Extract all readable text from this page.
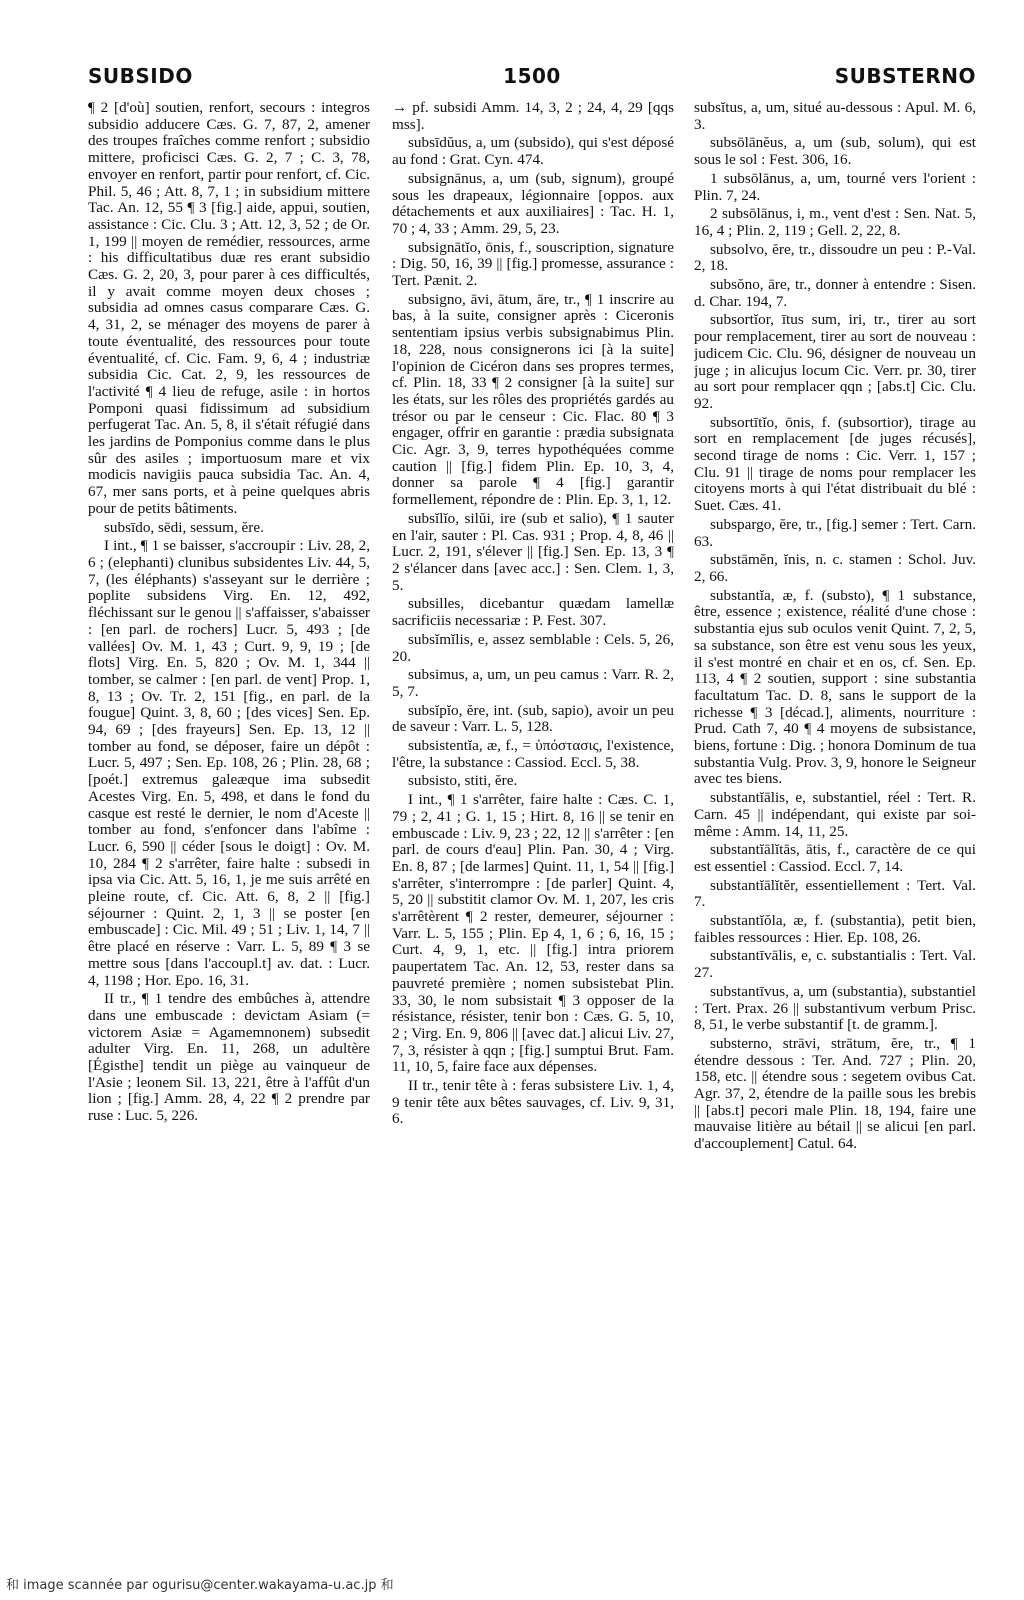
SUBSIDO	1500	SUBSTERNO

¶ 2 [d'où] soutien, renfort, secours : integros subsidio adducere Cæs. G. 7, 87, 2, amener des troupes fraîches comme renfort ; subsidio mittere, proficisci Cæs. G. 2, 7 ; C. 3, 78, envoyer en renfort, partir pour renfort, cf. Cic. Phil. 5, 46 ; Att. 8, 7, 1 ; in subsidium mittere Tac. An. 12, 55 ¶ 3 [fig.] aide, appui, soutien, assistance : Cic. Clu. 3 ; Att. 12, 3, 52 ; de Or. 1, 199 || moyen de remédier, ressources, arme : his difficultatibus duæ res erant subsidio Cæs. G. 2, 20, 3, pour parer à ces difficultés, il y avait comme moyen deux choses ; subsidia ad omnes casus comparare Cæs. G. 4, 31, 2, se ménager des moyens de parer à toute éventualité, des ressources pour toute éventualité, cf. Cic. Fam. 9, 6, 4 ; industriæ subsidia Cic. Cat. 2, 9, les ressources de l'activité ¶ 4 lieu de refuge, asile : in hortos Pomponi quasi fidissimum ad subsidium perfugerat Tac. An. 5, 8, il s'était réfugié dans les jardins de Pomponius comme dans le plus sûr des asiles ; importuosum mare et vix modicis navigiis pauca subsidia Tac. An. 4, 67, mer sans ports, et à peine quelques abris pour de petits bâtiments.

subsīdo, sēdi, sessum, ĕre.

I int., ¶ 1 se baisser, s'accroupir : Liv. 28, 2, 6 ; (elephanti) clunibus subsidentes Liv. 44, 5, 7, (les éléphants) s'asseyant sur le derrière ; poplite subsidens Virg. En. 12, 492, fléchissant sur le genou || s'affaisser, s'abaisser : [en parl. de rochers] Lucr. 5, 493 ; [de vallées] Ov. M. 1, 43 ; Curt. 9, 9, 19 ; [de flots] Virg. En. 5, 820 ; Ov. M. 1, 344 || tomber, se calmer : [en parl. de vent] Prop. 1, 8, 13 ; Ov. Tr. 2, 151 [fig., en parl. de la fougue] Quint. 3, 8, 60 ; [des vices] Sen. Ep. 94, 69 ; [des frayeurs] Sen. Ep. 13, 12 || tomber au fond, se déposer, faire un dépôt : Lucr. 5, 497 ; Sen. Ep. 108, 26 ; Plin. 28, 68 ; [poét.] extremus galeæque ima subsedit Acestes Virg. En. 5, 498, et dans le fond du casque est resté le dernier, le nom d'Aceste || tomber au fond, s'enfoncer dans l'abîme : Lucr. 6, 590 || céder [sous le doigt] : Ov. M. 10, 284 ¶ 2 s'arrêter, faire halte : subsedi in ipsa via Cic. Att. 5, 16, 1, je me suis arrêté en pleine route, cf. Cic. Att. 6, 8, 2 || [fig.] séjourner : Quint. 2, 1, 3 || se poster [en embuscade] : Cic. Mil. 49 ; 51 ; Liv. 1, 14, 7 || être placé en réserve : Varr. L. 5, 89 ¶ 3 se mettre sous [dans l'accoupl.t] av. dat. : Lucr. 4, 1198 ; Hor. Epo. 16, 31.

II tr., ¶ 1 tendre des embûches à, attendre dans une embuscade : devictam Asiam (= victorem Asiæ = Agamemnonem) subsedit adulter Virg. En. 11, 268, un adultère [Égisthe] tendit un piège au vainqueur de l'Asie ; leonem Sil. 13, 221, être à l'affût d'un lion ; [fig.] Amm. 28, 4, 22 ¶ 2 prendre par ruse : Luc. 5, 226.

→ pf. subsidi Amm. 14, 3, 2 ; 24, 4, 29 [qqs mss].

subsīdŭus, a, um (subsido), qui s'est déposé au fond : Grat. Cyn. 474.

subsignānus, a, um (sub, signum), groupé sous les drapeaux, légionnaire [oppos. aux détachements et aux auxiliaires] : Tac. H. 1, 70 ; 4, 33 ; Amm. 29, 5, 23.

subsignātĭo, ōnis, f., souscription, signature : Dig. 50, 16, 39 || [fig.] promesse, assurance : Tert. Pænit. 2.

subsigno, āvi, ātum, āre, tr., ¶ 1 inscrire au bas, à la suite, consigner après : Ciceronis sententiam ipsius verbis subsignabimus Plin. 18, 228, nous consignerons ici [à la suite] l'opinion de Cicéron dans ses propres termes, cf. Plin. 18, 33 ¶ 2 consigner [à la suite] sur les états, sur les rôles des propriétés gardés au trésor ou par le censeur : Cic. Flac. 80 ¶ 3 engager, offrir en garantie : prædia subsignata Cic. Agr. 3, 9, terres hypothéquées comme caution || [fig.] fidem Plin. Ep. 10, 3, 4, donner sa parole ¶ 4 [fig.] garantir formellement, répondre de : Plin. Ep. 3, 1, 12.

subsĭlĭo, silŭi, ire (sub et salio), ¶ 1 sauter en l'air, sauter : Pl. Cas. 931 ; Prop. 4, 8, 46 || Lucr. 2, 191, s'élever || [fig.] Sen. Ep. 13, 3 ¶ 2 s'élancer dans [avec acc.] : Sen. Clem. 1, 3, 5.

subsilles, dicebantur quædam lamellæ sacrificiis necessariæ : P. Fest. 307.

subsĭmĭlis, e, assez semblable : Cels. 5, 26, 20.

subsimus, a, um, un peu camus : Varr. R. 2, 5, 7.

subsĭpĭo, ĕre, int. (sub, sapio), avoir un peu de saveur : Varr. L. 5, 128.

subsistentĭa, æ, f., = ὑπόστασις, l'existence, l'être, la substance : Cassiod. Eccl. 5, 38.

subsisto, stiti, ĕre.

I int., ¶ 1 s'arrêter, faire halte : Cæs. C. 1, 79 ; 2, 41 ; G. 1, 15 ; Hirt. 8, 16 || se tenir en embuscade : Liv. 9, 23 ; 22, 12 || s'arrêter : [en parl. de cours d'eau] Plin. Pan. 30, 4 ; Virg. En. 8, 87 ; [de larmes] Quint. 11, 1, 54 || [fig.] s'arrêter, s'interrompre : [de parler] Quint. 4, 5, 20 || substitit clamor Ov. M. 1, 207, les cris s'arrêtèrent ¶ 2 rester, demeurer, séjourner : Varr. L. 5, 155 ; Plin. Ep 4, 1, 6 ; 6, 16, 15 ; Curt. 4, 9, 1, etc. || [fig.] intra priorem paupertatem Tac. An. 12, 53, rester dans sa pauvreté première ; nomen subsistebat Plin. 33, 30, le nom subsistait ¶ 3 opposer de la résistance, résister, tenir bon : Cæs. G. 5, 10, 2 ; Virg. En. 9, 806 || [avec dat.] alicui Liv. 27, 7, 3, résister à qqn ; [fig.] sumptui Brut. Fam. 11, 10, 5, faire face aux dépenses.

II tr., tenir tête à : feras subsistere Liv. 1, 4, 9 tenir tête aux bêtes sauvages, cf. Liv. 9, 31, 6.

subsĭtus, a, um, situé au-dessous : Apul. M. 6, 3.

subsōlānĕus, a, um (sub, solum), qui est sous le sol : Fest. 306, 16.

1 subsōlānus, a, um, tourné vers l'orient : Plin. 7, 24.

2 subsōlānus, i, m., vent d'est : Sen. Nat. 5, 16, 4 ; Plin. 2, 119 ; Gell. 2, 22, 8.

subsolvo, ĕre, tr., dissoudre un peu : P.-Val. 2, 18.

subsŏno, āre, tr., donner à entendre : Sisen. d. Char. 194, 7.

subsortĭor, ītus sum, iri, tr., tirer au sort pour remplacement, tirer au sort de nouveau : judicem Cic. Clu. 96, désigner de nouveau un juge ; in alicujus locum Cic. Verr. pr. 30, tirer au sort pour remplacer qqn ; [abs.t] Cic. Clu. 92.

subsortītĭo, ōnis, f. (subsortior), tirage au sort en remplacement [de juges récusés], second tirage de noms : Cic. Verr. 1, 157 ; Clu. 91 || tirage de noms pour remplacer les citoyens morts à qui l'état distribuait du blé : Suet. Cæs. 41.

subspargo, ĕre, tr., [fig.] semer : Tert. Carn. 63.

substāmĕn, ĭnis, n. c. stamen : Schol. Juv. 2, 66.

substantĭa, æ, f. (substo), ¶ 1 substance, être, essence ; existence, réalité d'une chose : substantia ejus sub oculos venit Quint. 7, 2, 5, sa substance, son être est venu sous les yeux, il s'est montré en chair et en os, cf. Sen. Ep. 113, 4 ¶ 2 soutien, support : sine substantia facultatum Tac. D. 8, sans le support de la richesse ¶ 3 [décad.], aliments, nourriture : Prud. Cath 7, 40 ¶ 4 moyens de subsistance, biens, fortune : Dig. ; honora Dominum de tua substantia Vulg. Prov. 3, 9, honore le Seigneur avec tes biens.

substantĭālis, e, substantiel, réel : Tert. R. Carn. 45 || indépendant, qui existe par soi-même : Amm. 14, 11, 25.

substantĭālĭtās, ātis, f., caractère de ce qui est essentiel : Cassiod. Eccl. 7, 14.

substantĭālĭtĕr, essentiellement : Tert. Val. 7.

substantĭŏla, æ, f. (substantia), petit bien, faibles ressources : Hier. Ep. 108, 26.

substantīvālis, e, c. substantialis : Tert. Val. 27.

substantīvus, a, um (substantia), substantiel : Tert. Prax. 26 || substantivum verbum Prisc. 8, 51, le verbe substantif [t. de gramm.].

substerno, strāvi, strātum, ĕre, tr., ¶ 1 étendre dessous : Ter. And. 727 ; Plin. 20, 158, etc. || étendre sous : segetem ovibus Cat. Agr. 37, 2, étendre de la paille sous les brebis || [abs.t] pecori male Plin. 18, 194, faire une mauvaise litière au bétail || se alicui [en parl. d'accouplement] Catul. 64.

和 image scannée par ogurisu@center.wakayama-u.ac.jp 和
